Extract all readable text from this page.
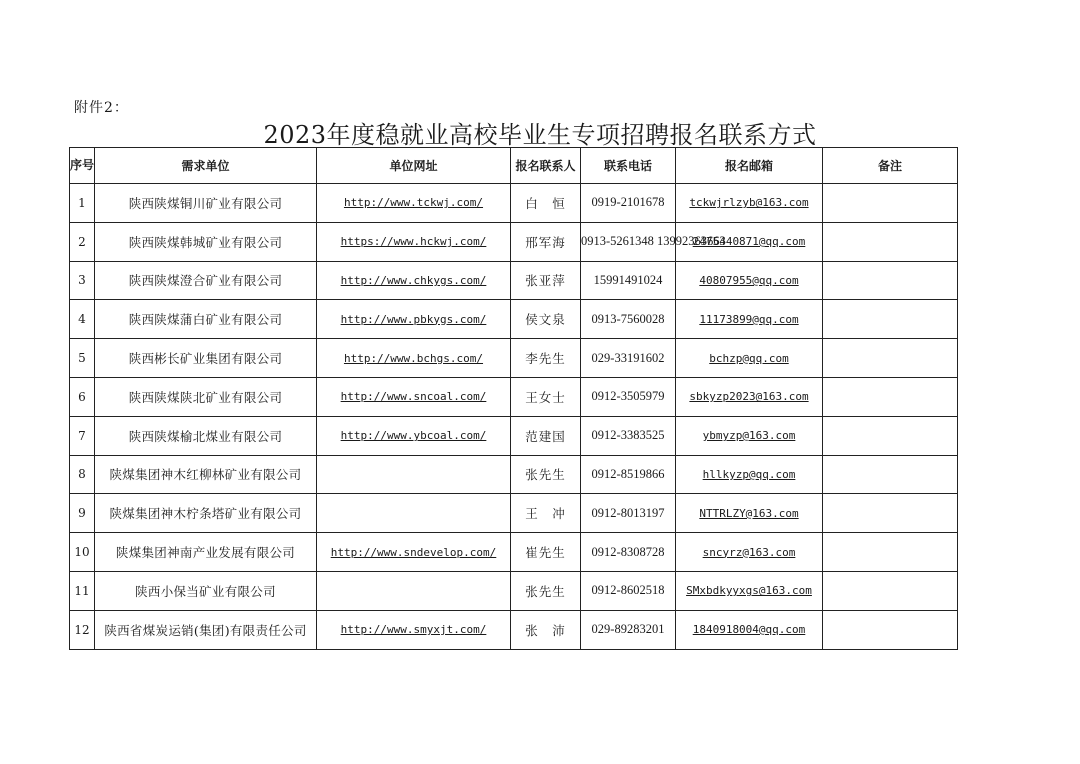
附件2：
2023年度稳就业高校毕业生专项招聘报名联系方式
序号	需求单位	单位网址	报名联系人	联系电话	报名邮箱	备注
1	陕西陕煤铜川矿业有限公司	http://www.tckwj.com/	白　恒	0919-2101678	tckwjrlzyb@163.com	
2	陕西陕煤韩城矿业有限公司	https://www.hckwj.com/	邢军海	0913-5261348 13992363663	2475440871@qq.com	
3	陕西陕煤澄合矿业有限公司	http://www.chkygs.com/	张亚萍	15991491024	40807955@qq.com	
4	陕西陕煤蒲白矿业有限公司	http://www.pbkygs.com/	侯文泉	0913-7560028	11173899@qq.com	
5	陕西彬长矿业集团有限公司	http://www.bchgs.com/	李先生	029-33191602	bchzp@qq.com	
6	陕西陕煤陕北矿业有限公司	http://www.sncoal.com/	王女士	0912-3505979	sbkyzp2023@163.com	
7	陕西陕煤榆北煤业有限公司	http://www.ybcoal.com/	范建国	0912-3383525	ybmyzp@163.com	
8	陕煤集团神木红柳林矿业有限公司		张先生	0912-8519866	hllkyzp@qq.com	
9	陕煤集团神木柠条塔矿业有限公司		王　冲	0912-8013197	NTTRLZY@163.com	
10	陕煤集团神南产业发展有限公司	http://www.sndevelop.com/	崔先生	0912-8308728	sncyrz@163.com	
11	陕西小保当矿业有限公司		张先生	0912-8602518	SMxbdkyyxgs@163.com	
12	陕西省煤炭运销(集团)有限责任公司	http://www.smyxjt.com/	张　沛	029-89283201	1840918004@qq.com	
